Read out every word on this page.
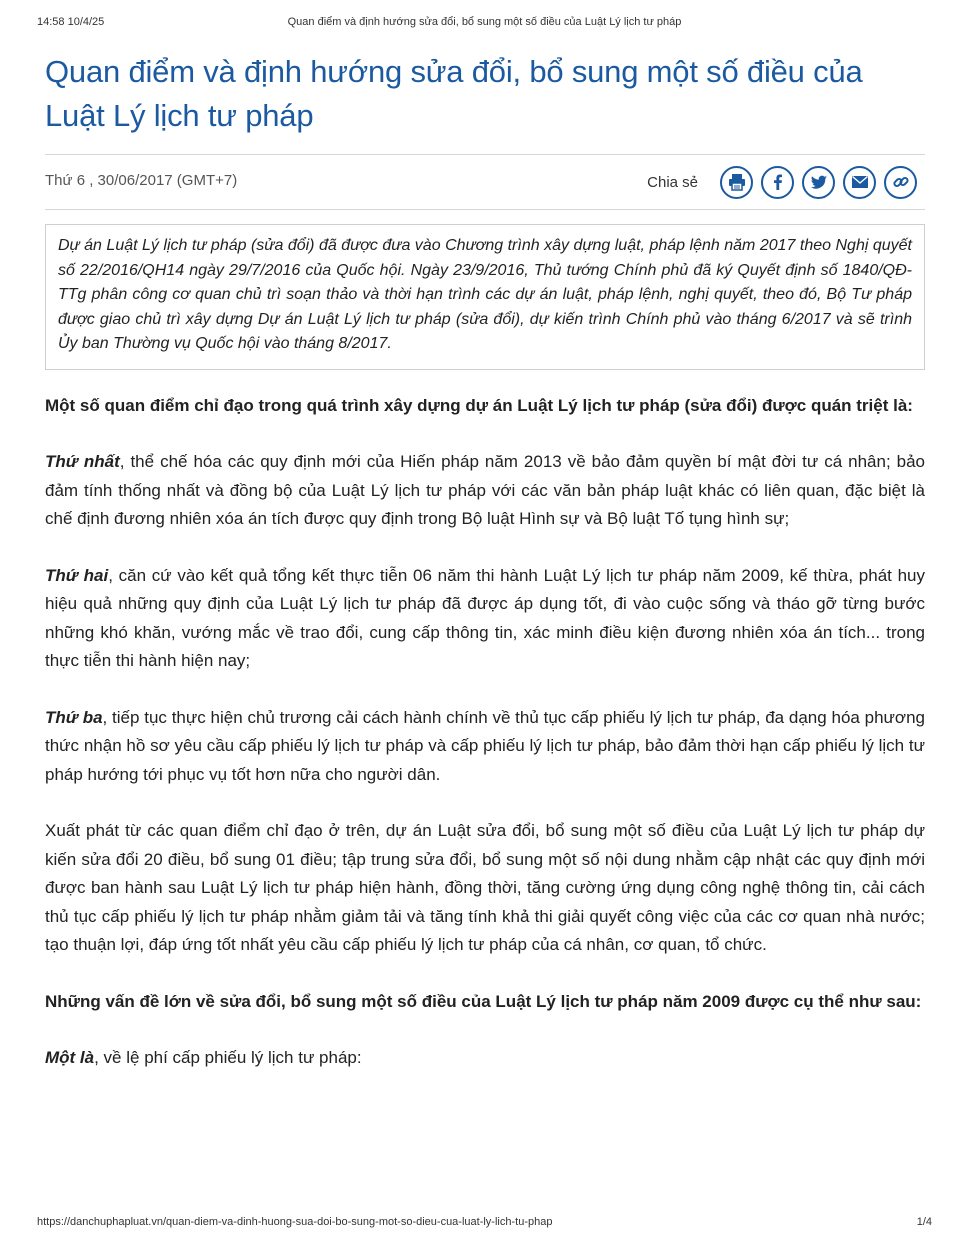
14:58 10/4/25	Quan điểm và định hướng sửa đổi, bổ sung một số điều của Luật Lý lịch tư pháp
Quan điểm và định hướng sửa đổi, bổ sung một số điều của Luật Lý lịch tư pháp
Thứ 6 , 30/06/2017 (GMT+7)	Chia sẻ
Dự án Luật Lý lịch tư pháp (sửa đổi) đã được đưa vào Chương trình xây dựng luật, pháp lệnh năm 2017 theo Nghị quyết số 22/2016/QH14 ngày 29/7/2016 của Quốc hội. Ngày 23/9/2016, Thủ tướng Chính phủ đã ký Quyết định số 1840/QĐ-TTg phân công cơ quan chủ trì soạn thảo và thời hạn trình các dự án luật, pháp lệnh, nghị quyết, theo đó, Bộ Tư pháp được giao chủ trì xây dựng Dự án Luật Lý lịch tư pháp (sửa đổi), dự kiến trình Chính phủ vào tháng 6/2017 và sẽ trình Ủy ban Thường vụ Quốc hội vào tháng 8/2017.

Một số quan điểm chỉ đạo trong quá trình xây dựng dự án Luật Lý lịch tư pháp (sửa đổi) được quán triệt là:

Thứ nhất, thể chế hóa các quy định mới của Hiến pháp năm 2013 về bảo đảm quyền bí mật đời tư cá nhân; bảo đảm tính thống nhất và đồng bộ của Luật Lý lịch tư pháp với các văn bản pháp luật khác có liên quan, đặc biệt là chế định đương nhiên xóa án tích được quy định trong Bộ luật Hình sự và Bộ luật Tố tụng hình sự;

Thứ hai, căn cứ vào kết quả tổng kết thực tiễn 06 năm thi hành Luật Lý lịch tư pháp năm 2009, kế thừa, phát huy hiệu quả những quy định của Luật Lý lịch tư pháp đã được áp dụng tốt, đi vào cuộc sống và tháo gỡ từng bước những khó khăn, vướng mắc về trao đổi, cung cấp thông tin, xác minh điều kiện đương nhiên xóa án tích... trong thực tiễn thi hành hiện nay;

Thứ ba, tiếp tục thực hiện chủ trương cải cách hành chính về thủ tục cấp phiếu lý lịch tư pháp, đa dạng hóa phương thức nhận hồ sơ yêu cầu cấp phiếu lý lịch tư pháp và cấp phiếu lý lịch tư pháp, bảo đảm thời hạn cấp phiếu lý lịch tư pháp hướng tới phục vụ tốt hơn nữa cho người dân.

Xuất phát từ các quan điểm chỉ đạo ở trên, dự án Luật sửa đổi, bổ sung một số điều của Luật Lý lịch tư pháp dự kiến sửa đổi 20 điều, bổ sung 01 điều; tập trung sửa đổi, bổ sung một số nội dung nhằm cập nhật các quy định mới được ban hành sau Luật Lý lịch tư pháp hiện hành, đồng thời, tăng cường ứng dụng công nghệ thông tin, cải cách thủ tục cấp phiếu lý lịch tư pháp nhằm giảm tải và tăng tính khả thi giải quyết công việc của các cơ quan nhà nước; tạo thuận lợi, đáp ứng tốt nhất yêu cầu cấp phiếu lý lịch tư pháp của cá nhân, cơ quan, tổ chức.

Những vấn đề lớn về sửa đổi, bổ sung một số điều của Luật Lý lịch tư pháp năm 2009 được cụ thể như sau:

Một là, về lệ phí cấp phiếu lý lịch tư pháp:

https://danchuphapluat.vn/quan-diem-va-dinh-huong-sua-doi-bo-sung-mot-so-dieu-cua-luat-ly-lich-tu-phap	1/4
